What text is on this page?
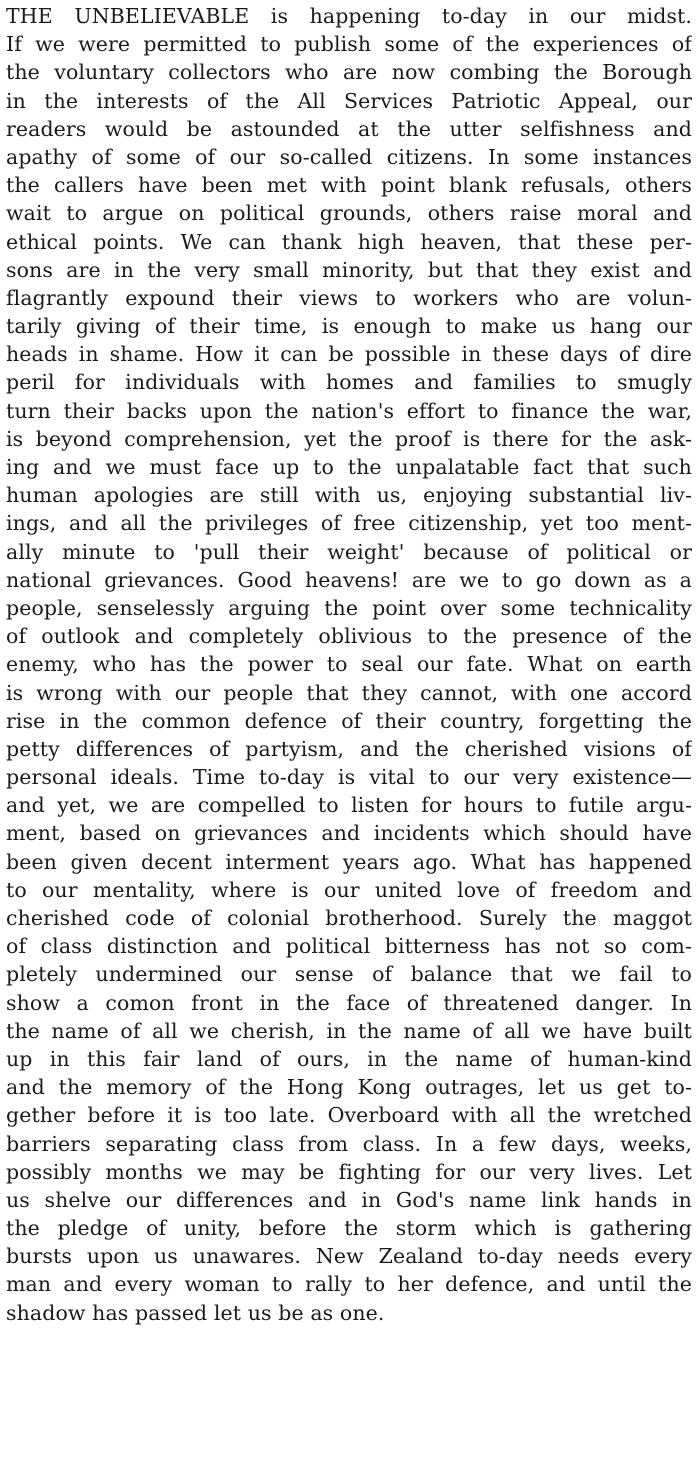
THE UNBELIEVABLE is happening to-day in our midst.
If we were permitted to publish some of the experiences of
the voluntary collectors who are now combing the Borough
in the interests of the All Services Patriotic Appeal, our
readers would be astounded at the utter selfishness and
apathy of some of our so-called citizens. In some instances
the callers have been met with point blank refusals, others
wait to argue on political grounds, others raise moral and
ethical points. We can thank high heaven, that these per-
sons are in the very small minority, but that they exist and
flagrantly expound their views to workers who are volun-
tarily giving of their time, is enough to make us hang our
heads in shame. How it can be possible in these days of dire
peril for individuals with homes and families to smugly
turn their backs upon the nation's effort to finance the war,
is beyond comprehension, yet the proof is there for the ask-
ing and we must face up to the unpalatable fact that such
human apologies are still with us, enjoying substantial liv-
ings, and all the privileges of free citizenship, yet too ment-
ally minute to 'pull their weight' because of political or
national grievances. Good heavens! are we to go down as a
people, senselessly arguing the point over some technicality
of outlook and completely oblivious to the presence of the
enemy, who has the power to seal our fate. What on earth
is wrong with our people that they cannot, with one accord
rise in the common defence of their country, forgetting the
petty differences of partyism, and the cherished visions of
personal ideals. Time to-day is vital to our very existence—
and yet, we are compelled to listen for hours to futile argu-
ment, based on grievances and incidents which should have
been given decent interment years ago. What has happened
to our mentality, where is our united love of freedom and
cherished code of colonial brotherhood. Surely the maggot
of class distinction and political bitterness has not so com-
pletely undermined our sense of balance that we fail to
show a comon front in the face of threatened danger. In
the name of all we cherish, in the name of all we have built
up in this fair land of ours, in the name of human-kind
and the memory of the Hong Kong outrages, let us get to-
gether before it is too late. Overboard with all the wretched
barriers separating class from class. In a few days, weeks,
possibly months we may be fighting for our very lives. Let
us shelve our differences and in God's name link hands in
the pledge of unity, before the storm which is gathering
bursts upon us unawares. New Zealand to-day needs every
man and every woman to rally to her defence, and until the
shadow has passed let us be as one.
